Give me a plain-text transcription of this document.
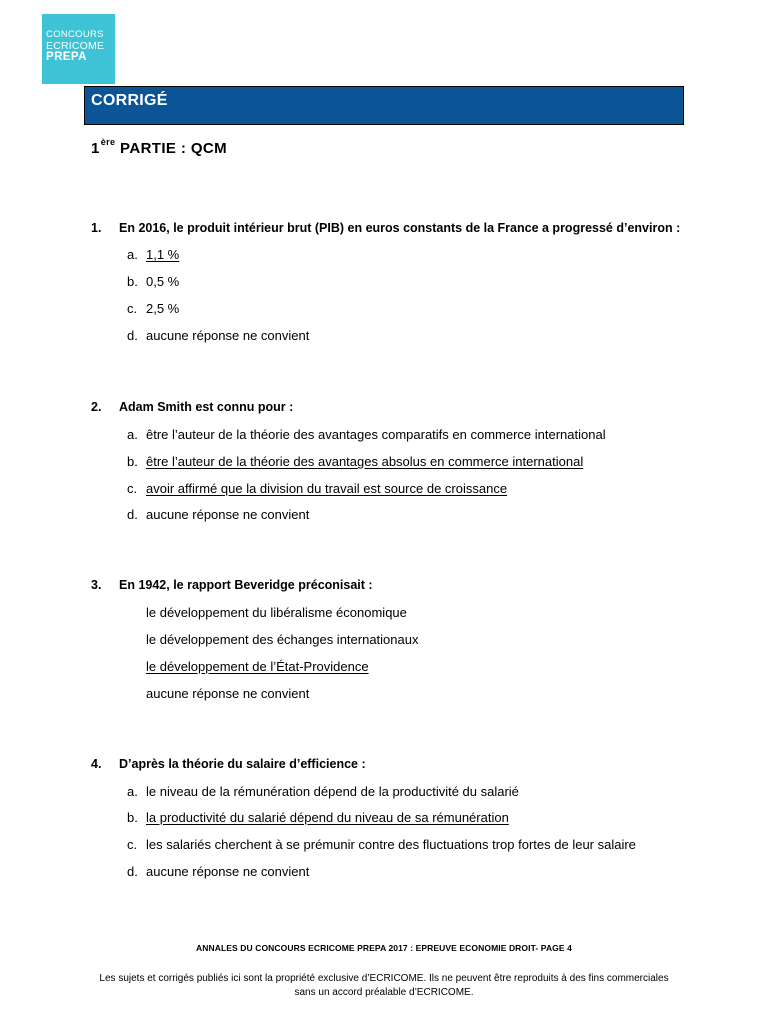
CONCOURS
ECRICOME
PREPA
CORRIGÉ
1ère PARTIE : QCM
1. En 2016, le produit intérieur brut (PIB) en euros constants de la France a progressé d’environ :
a. 1,1 %
b. 0,5 %
c. 2,5 %
d. aucune réponse ne convient
2. Adam Smith est connu pour :
a. être l’auteur de la théorie des avantages comparatifs en commerce international
b. être l’auteur de la théorie des avantages absolus en commerce international
c. avoir affirmé que la division du travail est source de croissance
d. aucune réponse ne convient
3. En 1942, le rapport Beveridge préconisait :
le développement du libéralisme économique
le développement des échanges internationaux
le développement de l’État-Providence
aucune réponse ne convient
4. D’après la théorie du salaire d’efficience :
a. le niveau de la rémunération dépend de la productivité du salarié
b. la productivité du salarié dépend du niveau de sa rémunération
c. les salariés cherchent à se prémunir contre des fluctuations trop fortes de leur salaire
d. aucune réponse ne convient
ANNALES DU CONCOURS ECRICOME PREPA 2017 : EPREUVE ECONOMIE DROIT- PAGE 4
Les sujets et corrigés publiés ici sont la propriété exclusive d’ECRICOME. Ils ne peuvent être reproduits à des fins commerciales sans un accord préalable d’ECRICOME.
